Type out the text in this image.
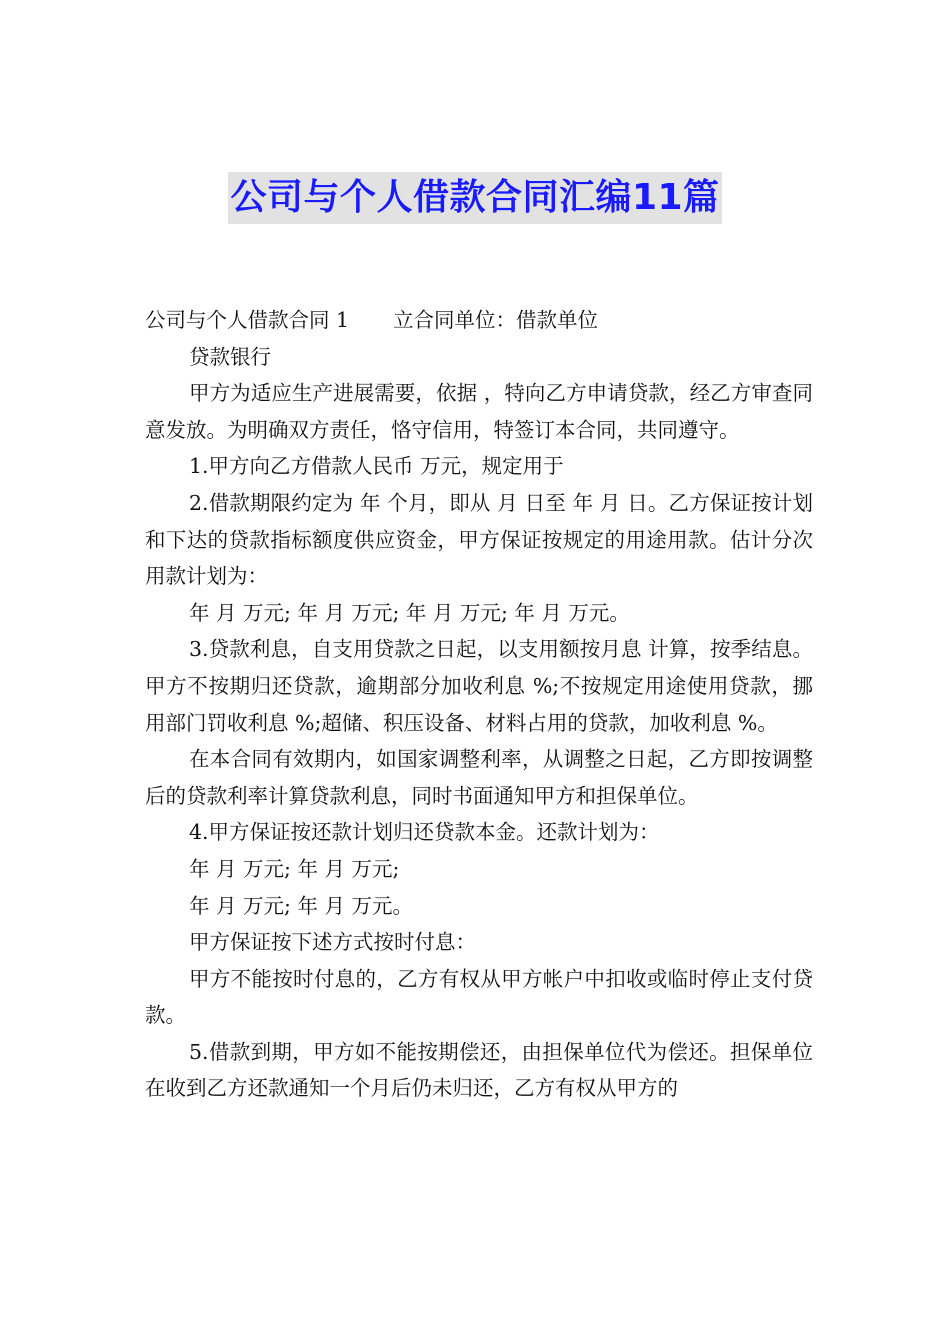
公司与个人借款合同汇编11篇

公司与个人借款合同 1 立合同单位：借款单位

贷款银行

甲方为适应生产进展需要，依据 ，特向乙方申请贷款，经乙方审查同意发放。为明确双方责任，恪守信用，特签订本合同，共同遵守。

1.甲方向乙方借款人民币 万元，规定用于

2.借款期限约定为 年 个月，即从 月 日至 年 月 日。乙方保证按计划和下达的贷款指标额度供应资金，甲方保证按规定的用途用款。估计分次用款计划为：

年 月 万元; 年 月 万元; 年 月 万元; 年 月 万元。

3.贷款利息，自支用贷款之日起，以支用额按月息 计算，按季结息。甲方不按期归还贷款，逾期部分加收利息 %;不按规定用途使用贷款，挪用部门罚收利息 %;超储、积压设备、材料占用的贷款，加收利息 %。

在本合同有效期内，如国家调整利率，从调整之日起，乙方即按调整后的贷款利率计算贷款利息，同时书面通知甲方和担保单位。

4.甲方保证按还款计划归还贷款本金。还款计划为：

年 月 万元; 年 月 万元;

年 月 万元; 年 月 万元。

甲方保证按下述方式按时付息：

甲方不能按时付息的，乙方有权从甲方帐户中扣收或临时停止支付贷款。

5.借款到期，甲方如不能按期偿还，由担保单位代为偿还。担保单位在收到乙方还款通知一个月后仍未归还，乙方有权从甲方的
